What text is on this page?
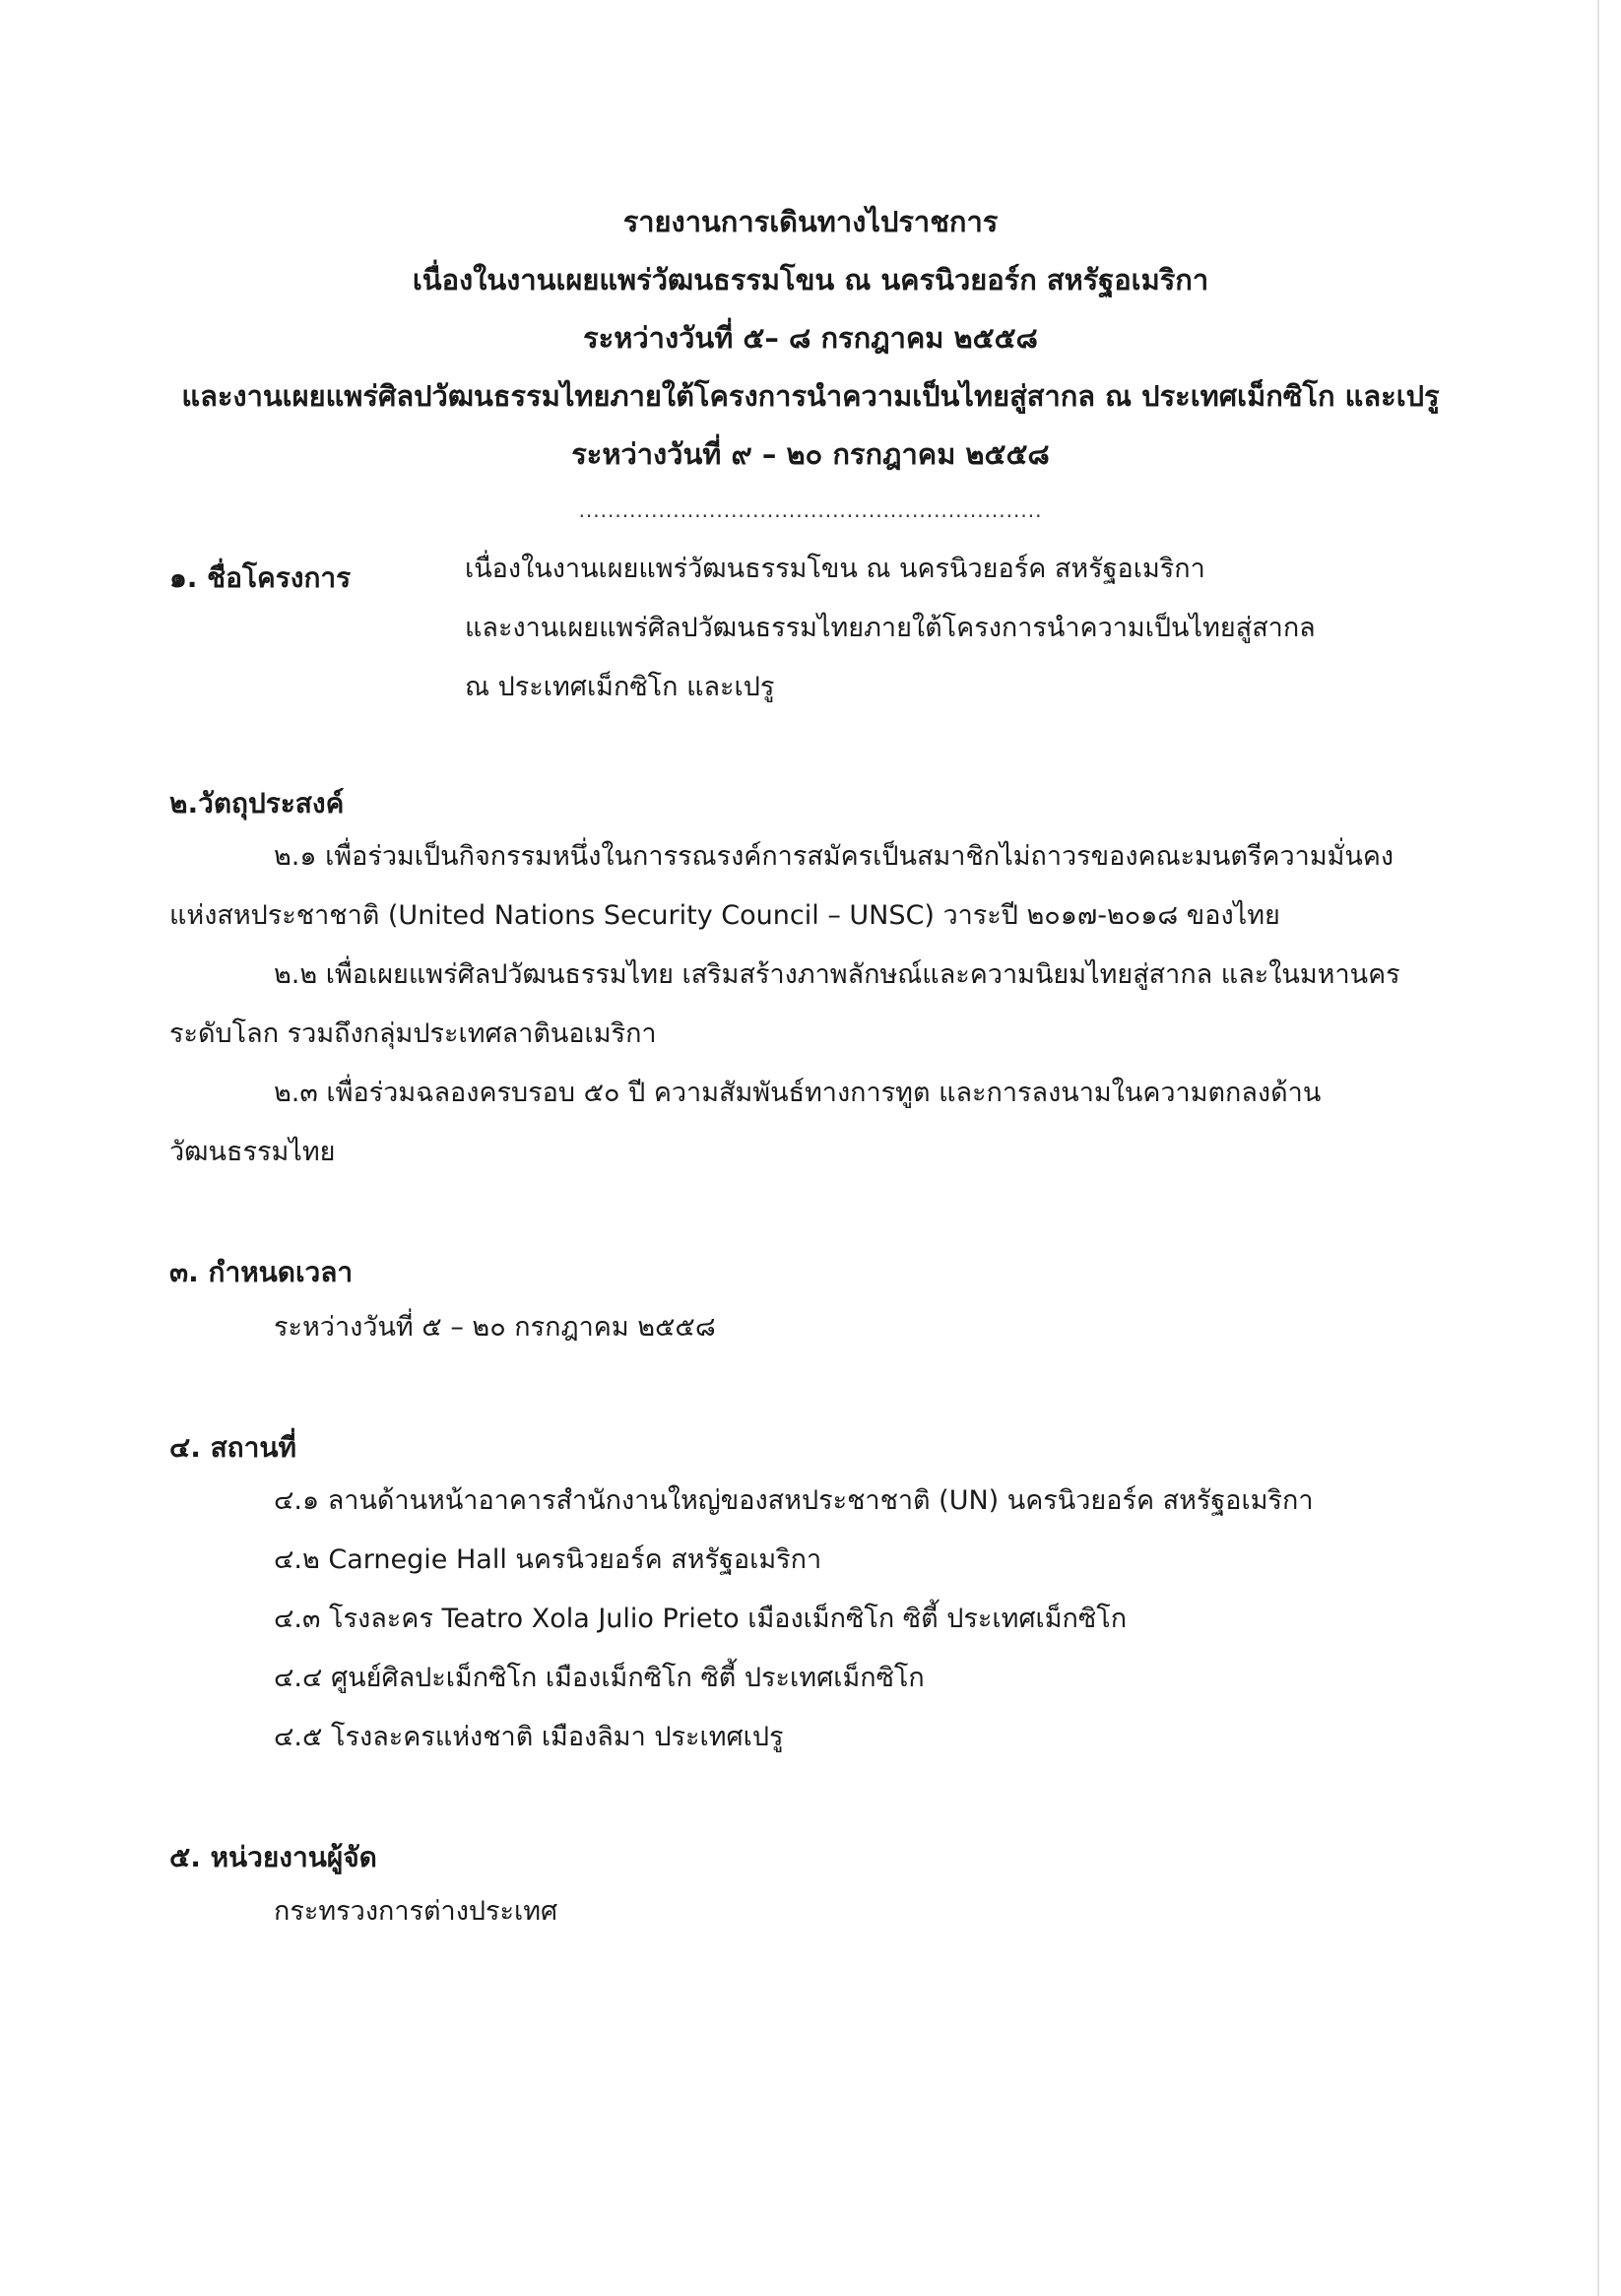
รายงานการเดินทางไปราชการ
เนื่องในงานเผยแพร่วัฒนธรรมโขน ณ นครนิวยอร์ก สหรัฐอเมริกา
ระหว่างวันที่ ๕– ๘ กรกฎาคม ๒๕๕๘
และงานเผยแพร่ศิลปวัฒนธรรมไทยภายใต้โครงการนำความเป็นไทยสู่สากล ณ ประเทศเม็กซิโก และเปรู
ระหว่างวันที่ ๙ – ๒๐ กรกฎาคม ๒๕๕๘
................................................................
๑. ชื่อโครงการ	เนื่องในงานเผยแพร่วัฒนธรรมโขน ณ นครนิวยอร์ค สหรัฐอเมริกา
และงานเผยแพร่ศิลปวัฒนธรรมไทยภายใต้โครงการนำความเป็นไทยสู่สากล
ณ ประเทศเม็กซิโก และเปรู
๒.วัตถุประสงค์
๒.๑ เพื่อร่วมเป็นกิจกรรมหนึ่งในการรณรงค์การสมัครเป็นสมาชิกไม่ถาวรของคณะมนตรีความมั่นคง
แห่งสหประชาชาติ (United Nations Security Council – UNSC) วาระปี ๒๐๑๗-๒๐๑๘ ของไทย
๒.๒ เพื่อเผยแพร่ศิลปวัฒนธรรมไทย เสริมสร้างภาพลักษณ์และความนิยมไทยสู่สากล และในมหานคร
ระดับโลก รวมถึงกลุ่มประเทศลาตินอเมริกา
๒.๓ เพื่อร่วมฉลองครบรอบ ๕๐ ปี ความสัมพันธ์ทางการทูต และการลงนามในความตกลงด้าน
วัฒนธรรมไทย
๓. กำหนดเวลา
ระหว่างวันที่ ๕ – ๒๐ กรกฎาคม ๒๕๕๘
๔. สถานที่
๔.๑ ลานด้านหน้าอาคารสำนักงานใหญ่ของสหประชาชาติ (UN) นครนิวยอร์ค สหรัฐอเมริกา
๔.๒ Carnegie Hall นครนิวยอร์ค สหรัฐอเมริกา
๔.๓ โรงละคร Teatro Xola Julio Prieto เมืองเม็กซิโก ซิตี้ ประเทศเม็กซิโก
๔.๔ ศูนย์ศิลปะเม็กซิโก เมืองเม็กซิโก ซิตี้ ประเทศเม็กซิโก
๔.๕ โรงละครแห่งชาติ เมืองลิมา ประเทศเปรู
๕. หน่วยงานผู้จัด
กระทรวงการต่างประเทศ
